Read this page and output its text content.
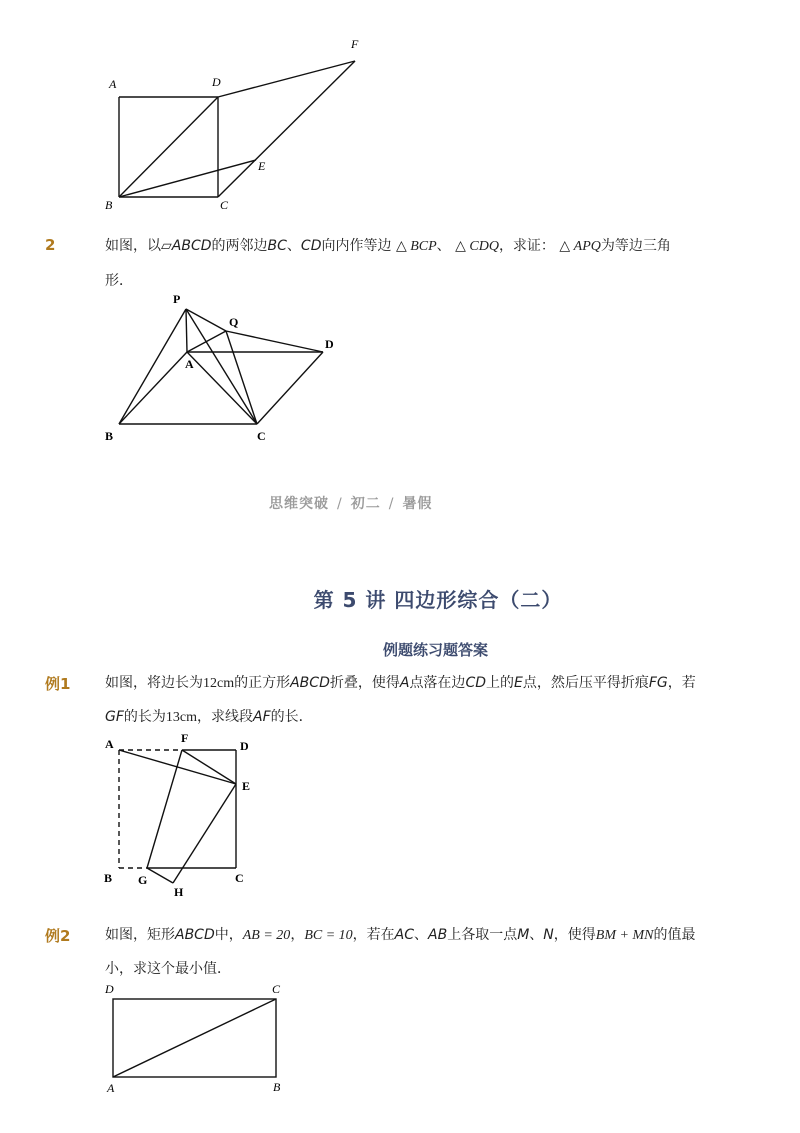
A	D
F
E
B	C
2	如图，以▱ABCD的两邻边BC、CD向内作等边 △ BCP、 △ CDQ，求证： △ APQ为等边三角
形．
P
Q
D
A
B	C
思维突破 / 初二 / 暑假
第 5 讲 四边形综合（二）
例题练习题答案
例1 如图，将边长为12cm的正方形ABCD折叠，使得A点落在边CD上的E点，然后压平得折痕FG，若
GF的长为13cm，求线段AF的长．
A	F
D
E
B G
H
C
例2 如图，矩形ABCD中，AB = 20，BC = 10，若在AC、AB上各取一点M、N，使得BM + MN的值最
小，求这个最小值．
D	C
A	B
